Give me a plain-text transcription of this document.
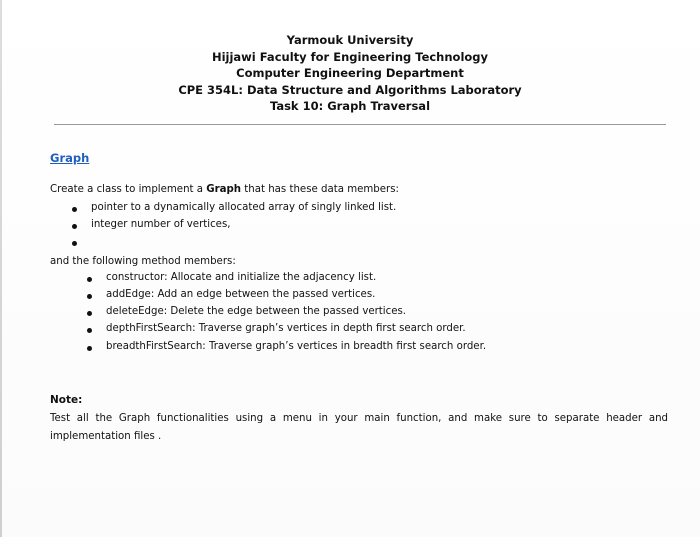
Yarmouk University
Hijjawi Faculty for Engineering Technology
Computer Engineering Department
CPE 354L: Data Structure and Algorithms Laboratory
Task 10: Graph Traversal
Graph
Create a class to implement a Graph that has these data members:
pointer to a dynamically allocated array of singly linked list.
integer number of vertices,
and the following method members:
constructor: Allocate and initialize the adjacency list.
addEdge: Add an edge between the passed vertices.
deleteEdge: Delete the edge between the passed vertices.
depthFirstSearch: Traverse graph’s vertices in depth first search order.
breadthFirstSearch: Traverse graph’s vertices in breadth first search order.
Note:
Test all the Graph functionalities using a menu in your main function, and make sure to separate header and
implementation files .
